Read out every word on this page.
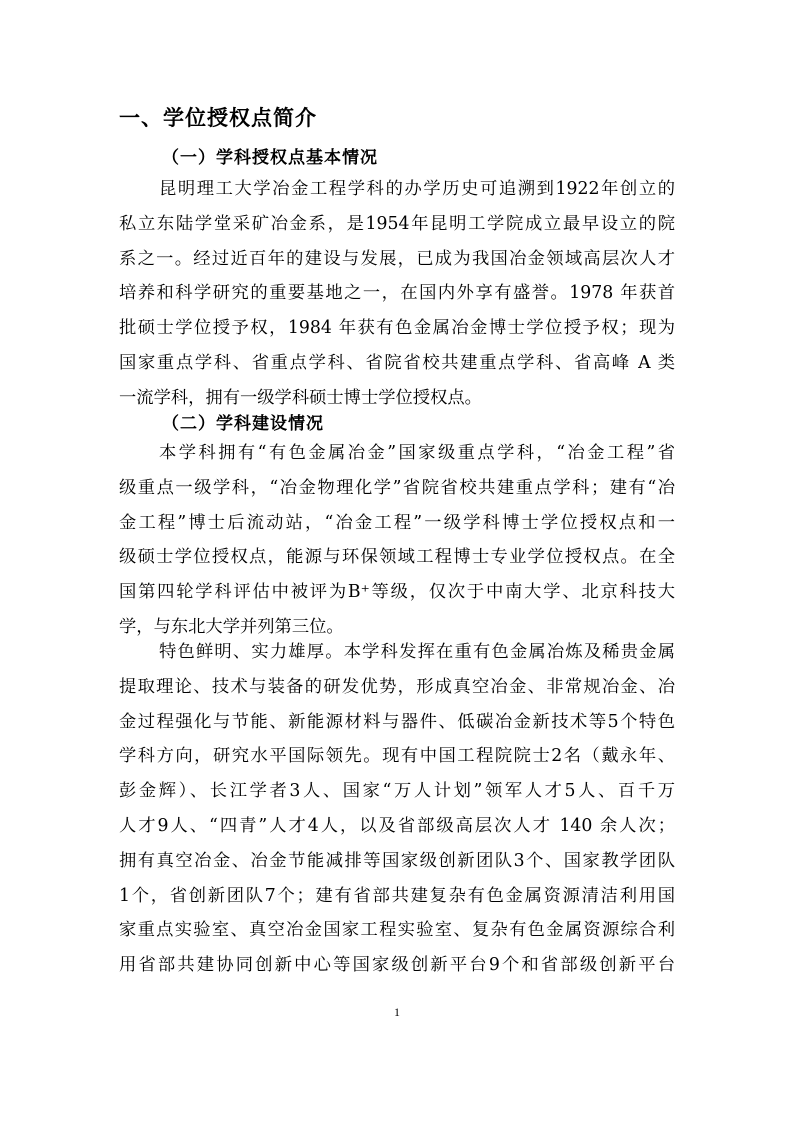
一、学位授权点简介
（一）学科授权点基本情况
昆明理工大学冶金工程学科的办学历史可追溯到1922年创立的
私立东陆学堂采矿冶金系，是1954年昆明工学院成立最早设立的院
系之一。经过近百年的建设与发展，已成为我国冶金领域高层次人才
培养和科学研究的重要基地之一，在国内外享有盛誉。1978 年获首
批硕士学位授予权，1984 年获有色金属冶金博士学位授予权；现为
国家重点学科、省重点学科、省院省校共建重点学科、省高峰 A 类
一流学科，拥有一级学科硕士博士学位授权点。
（二）学科建设情况
本学科拥有“有色金属冶金”国家级重点学科，“冶金工程”省
级重点一级学科，“冶金物理化学”省院省校共建重点学科；建有“冶
金工程”博士后流动站，“冶金工程”一级学科博士学位授权点和一
级硕士学位授权点，能源与环保领域工程博士专业学位授权点。在全
国第四轮学科评估中被评为B⁺等级，仅次于中南大学、北京科技大
学，与东北大学并列第三位。
特色鲜明、实力雄厚。本学科发挥在重有色金属冶炼及稀贵金属
提取理论、技术与装备的研发优势，形成真空冶金、非常规冶金、冶
金过程强化与节能、新能源材料与器件、低碳冶金新技术等5个特色
学科方向，研究水平国际领先。现有中国工程院院士2名（戴永年、
彭金辉）、长江学者3人、国家“万人计划”领军人才5人、百千万
人才9人、“四青”人才4人，以及省部级高层次人才 140 余人次；
拥有真空冶金、冶金节能减排等国家级创新团队3个、国家教学团队
1个，省创新团队7个；建有省部共建复杂有色金属资源清洁利用国
家重点实验室、真空冶金国家工程实验室、复杂有色金属资源综合利
用省部共建协同创新中心等国家级创新平台9个和省部级创新平台
1
